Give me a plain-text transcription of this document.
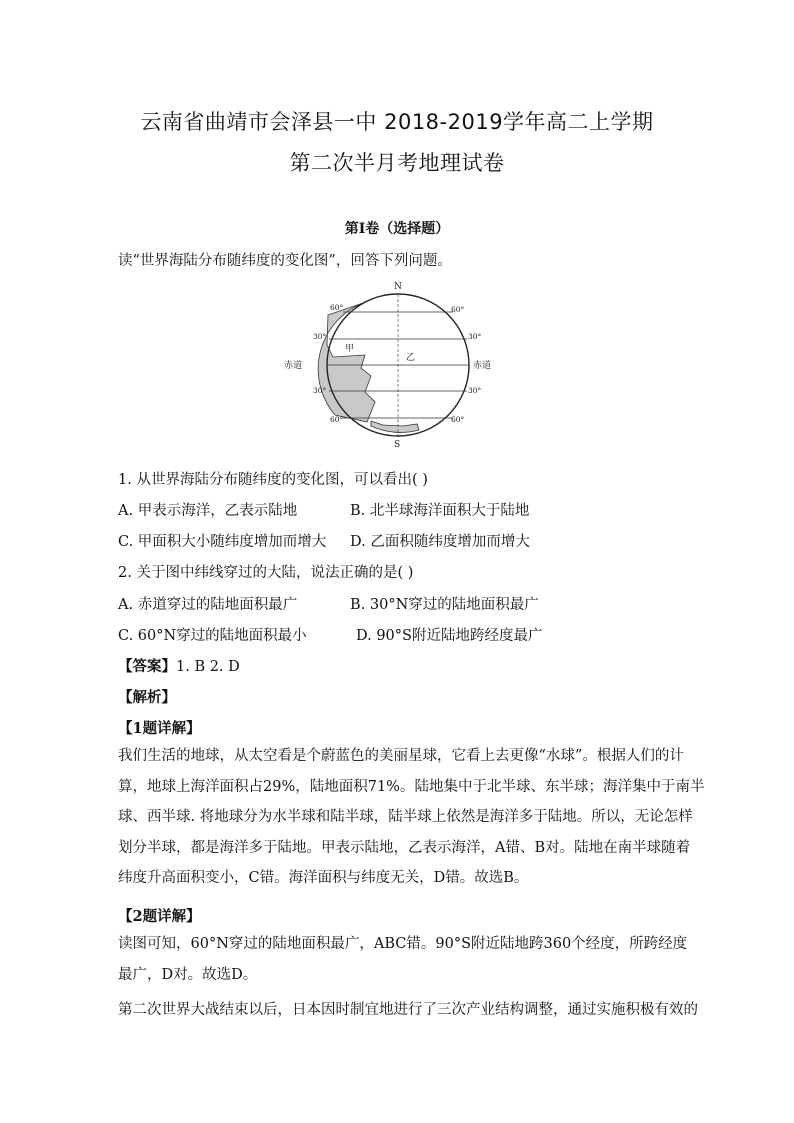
云南省曲靖市会泽县一中 2018-2019学年高二上学期
第二次半月考地理试卷
第I卷（选择题）
读“世界海陆分布随纬度的变化图”，回答下列问题。
N
S
60°	60°
30°	30°
赤道	赤道
30°	30°
60°	60°
甲
乙
1. 从世界海陆分布随纬度的变化图，可以看出( )
A. 甲表示海洋，乙表示陆地	B. 北半球海洋面积大于陆地
C. 甲面积大小随纬度增加而增大 D. 乙面积随纬度增加而增大
2. 关于图中纬线穿过的大陆，说法正确的是( )
A. 赤道穿过的陆地面积最广	B. 30°N穿过的陆地面积最广
C. 60°N穿过的陆地面积最小	D. 90°S附近陆地跨经度最广
【答案】1. B 2. D
【解析】
【1题详解】
我们生活的地球，从太空看是个蔚蓝色的美丽星球，它看上去更像“水球”。根据人们的计
算，地球上海洋面积占29%，陆地面积71%。陆地集中于北半球、东半球；海洋集中于南半
球、西半球. 将地球分为水半球和陆半球，陆半球上依然是海洋多于陆地。所以，无论怎样
划分半球，都是海洋多于陆地。甲表示陆地，乙表示海洋，A错、B对。陆地在南半球随着
纬度升高面积变小，C错。海洋面积与纬度无关，D错。故选B。
【2题详解】
读图可知，60°N穿过的陆地面积最广，ABC错。90°S附近陆地跨360个经度，所跨经度
最广，D对。故选D。
第二次世界大战结束以后，日本因时制宜地进行了三次产业结构调整，通过实施积极有效的
